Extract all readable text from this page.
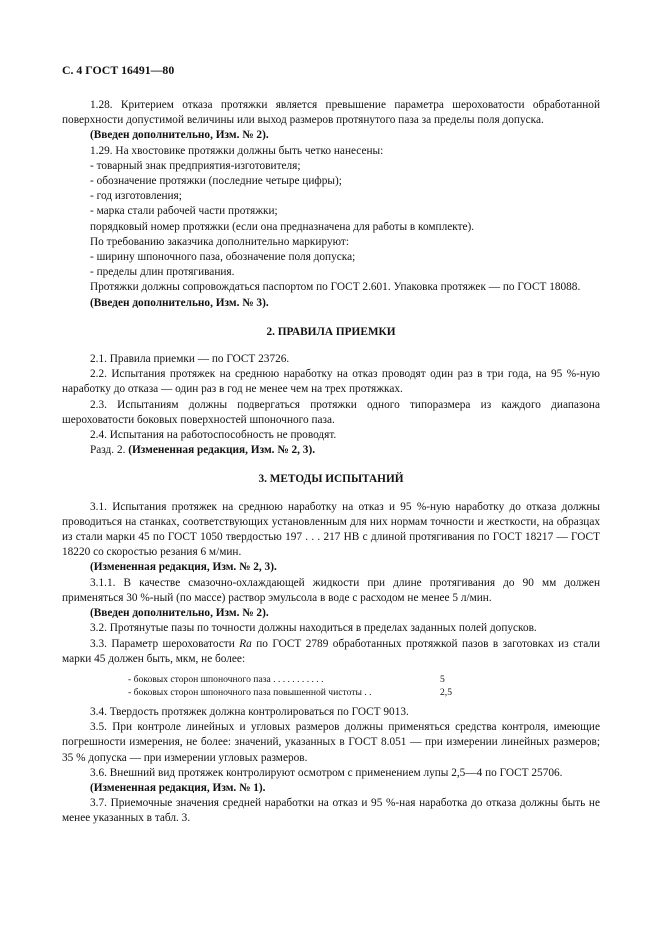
С. 4 ГОСТ 16491—80

1.28. Критерием отказа протяжки является превышение параметра шероховатости обработанной поверхности допустимой величины или выход размеров протянутого паза за пределы поля допуска.

(Введен дополнительно, Изм. № 2).

1.29. На хвостовике протяжки должны быть четко нанесены:

- товарный знак предприятия-изготовителя;

- обозначение протяжки (последние четыре цифры);

- год изготовления;

- марка стали рабочей части протяжки;

порядковый номер протяжки (если она предназначена для работы в комплекте).

По требованию заказчика дополнительно маркируют:

- ширину шпоночного паза, обозначение поля допуска;

- пределы длин протягивания.

Протяжки должны сопровождаться паспортом по ГОСТ 2.601. Упаковка протяжек — по ГОСТ 18088.

(Введен дополнительно, Изм. № 3).

2. ПРАВИЛА ПРИЕМКИ

2.1. Правила приемки — по ГОСТ 23726.

2.2. Испытания протяжек на среднюю наработку на отказ проводят один раз в три года, на 95 %-ную наработку до отказа — один раз в год не менее чем на трех протяжках.

2.3. Испытаниям должны подвергаться протяжки одного типоразмера из каждого диапазона шероховатости боковых поверхностей шпоночного паза.

2.4. Испытания на работоспособность не проводят.

Разд. 2. (Измененная редакция, Изм. № 2, 3).

3. МЕТОДЫ ИСПЫТАНИЙ

3.1. Испытания протяжек на среднюю наработку на отказ и 95 %-ную наработку до отказа должны проводиться на станках, соответствующих установленным для них нормам точности и жесткости, на образцах из стали марки 45 по ГОСТ 1050 твердостью 197 . . . 217 НВ с длиной протягивания по ГОСТ 18217 — ГОСТ 18220 со скоростью резания 6 м/мин.

(Измененная редакция, Изм. № 2, 3).

3.1.1. В качестве смазочно-охлаждающей жидкости при длине протягивания до 90 мм должен применяться 30 %-ный (по массе) раствор эмульсола в воде с расходом не менее 5 л/мин.

(Введен дополнительно, Изм. № 2).

3.2. Протянутые пазы по точности должны находиться в пределах заданных полей допусков.

3.3. Параметр шероховатости Ra по ГОСТ 2789 обработанных протяжкой пазов в заготовках из стали марки 45 должен быть, мкм, не более:

- боковых сторон шпоночного паза . . . . . . . . . . .	5
- боковых сторон шпоночного паза повышенной чистоты . .	2,5

3.4. Твердость протяжек должна контролироваться по ГОСТ 9013.

3.5. При контроле линейных и угловых размеров должны применяться средства контроля, имеющие погрешности измерения, не более: значений, указанных в ГОСТ 8.051 — при измерении линейных размеров; 35 % допуска — при измерении угловых размеров.

3.6. Внешний вид протяжек контролируют осмотром с применением лупы 2,5—4 по ГОСТ 25706.

(Измененная редакция, Изм. № 1).

3.7. Приемочные значения средней наработки на отказ и 95 %-ная наработка до отказа должны быть не менее указанных в табл. 3.
